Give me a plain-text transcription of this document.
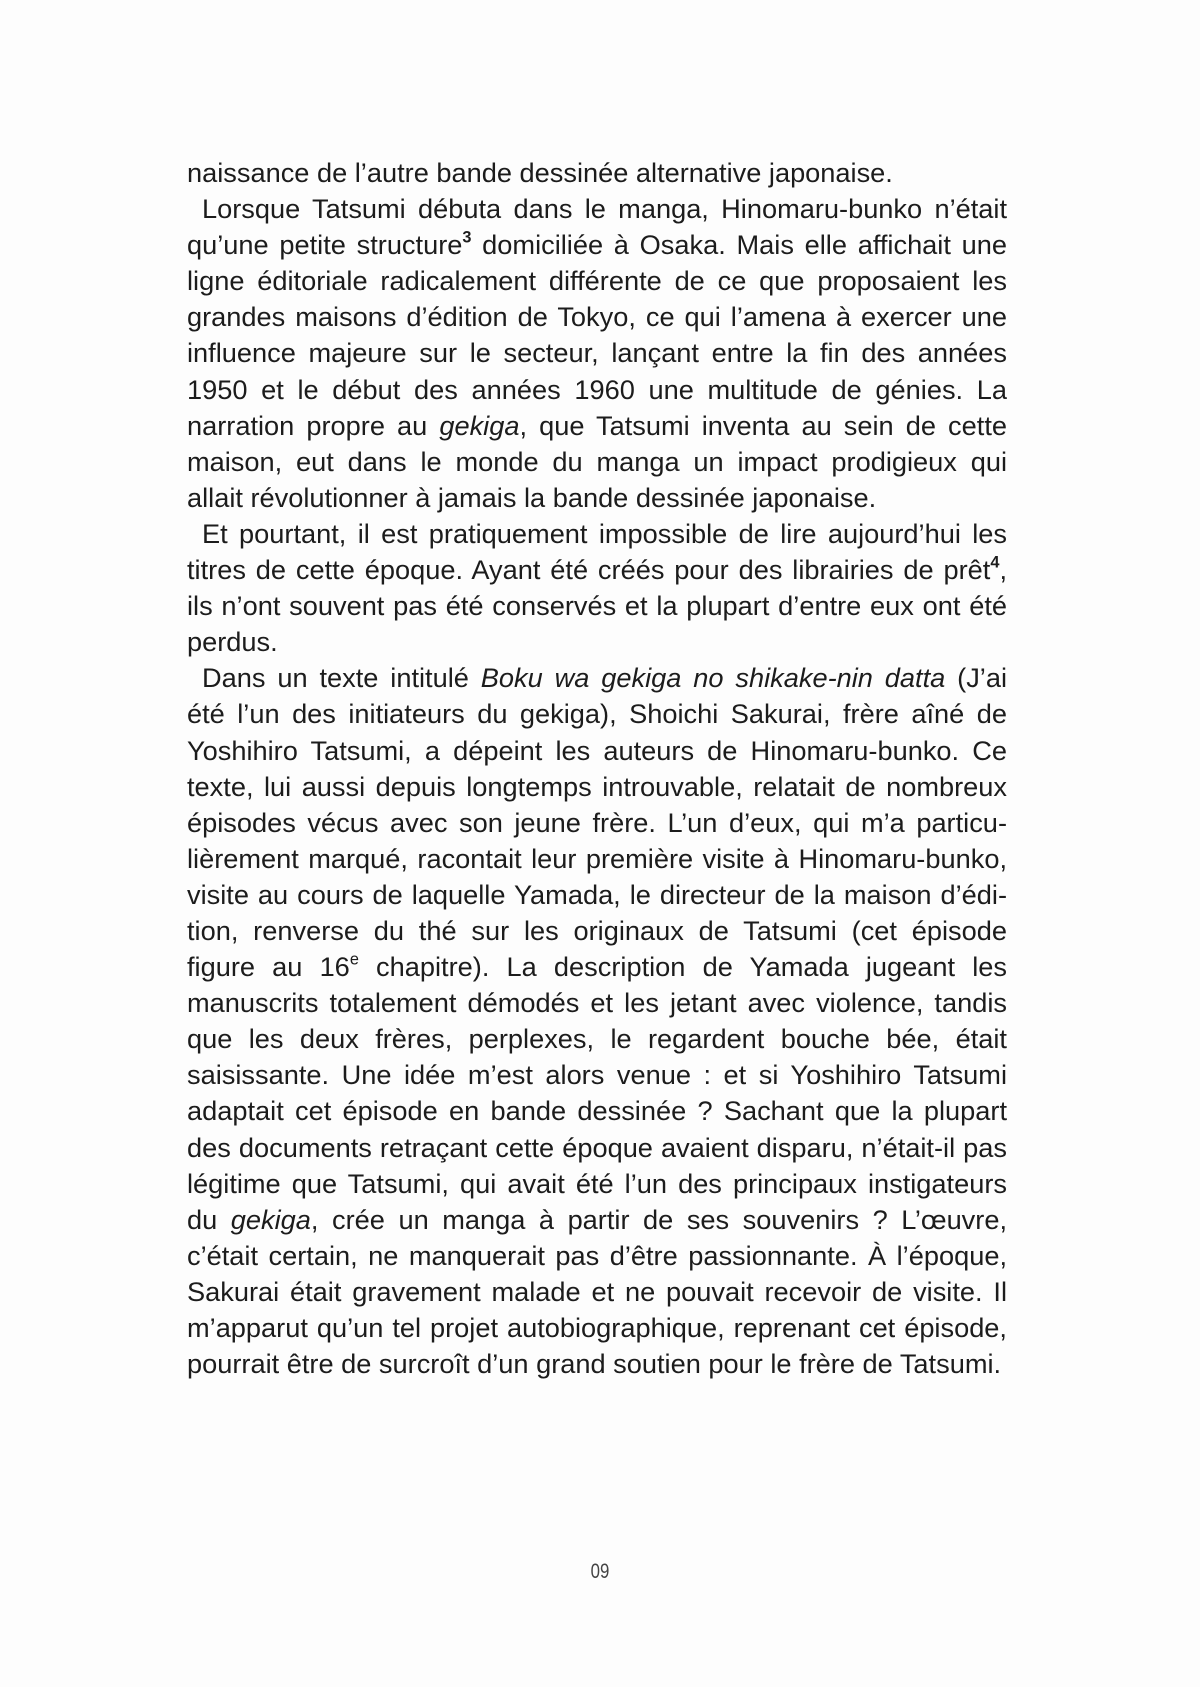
naissance de l’autre bande dessinée alternative japonaise.

Lorsque Tatsumi débuta dans le manga, Hinomaru-bunko n’était qu’une petite structure$^3$ domiciliée à Osaka. Mais elle affichait une ligne éditoriale radicalement différente de ce que proposaient les grandes maisons d’édition de Tokyo, ce qui l’amena à exercer une influence majeure sur le secteur, lançant entre la fin des années 1950 et le début des années 1960 une multitude de génies. La narration propre au gekiga, que Tatsumi inventa au sein de cette maison, eut dans le monde du manga un impact prodigieux qui allait révolutionner à jamais la bande dessinée japonaise.

Et pourtant, il est pratiquement impossible de lire aujourd’hui les titres de cette époque. Ayant été créés pour des librairies de prêt$^4$, ils n’ont souvent pas été conservés et la plupart d’entre eux ont été perdus.

Dans un texte intitulé Boku wa gekiga no shikake-nin datta (J’ai été l’un des initiateurs du gekiga), Shoichi Sakurai, frère aîné de Yoshihiro Tatsumi, a dépeint les auteurs de Hinomaru-bunko. Ce texte, lui aussi depuis longtemps introuvable, relatait de nombreux épisodes vécus avec son jeune frère. L’un d’eux, qui m’a particulièrement marqué, racontait leur première visite à Hinomaru-bunko, visite au cours de laquelle Yamada, le directeur de la maison d’édition, renverse du thé sur les originaux de Tatsumi (cet épisode figure au 16e chapitre). La description de Yamada jugeant les manuscrits totalement démodés et les jetant avec violence, tandis que les deux frères, perplexes, le regardent bouche bée, était saisissante. Une idée m’est alors venue : et si Yoshihiro Tatsumi adaptait cet épisode en bande dessinée ? Sachant que la plupart des documents retraçant cette époque avaient disparu, n’était-il pas légitime que Tatsumi, qui avait été l’un des principaux instigateurs du gekiga, crée un manga à partir de ses souvenirs ? L’œuvre, c’était certain, ne manquerait pas d’être passionnante. À l’époque, Sakurai était gravement malade et ne pouvait recevoir de visite. Il m’apparut qu’un tel projet autobiographique, reprenant cet épisode, pourrait être de surcroît d’un grand soutien pour le frère de Tatsumi.

09
